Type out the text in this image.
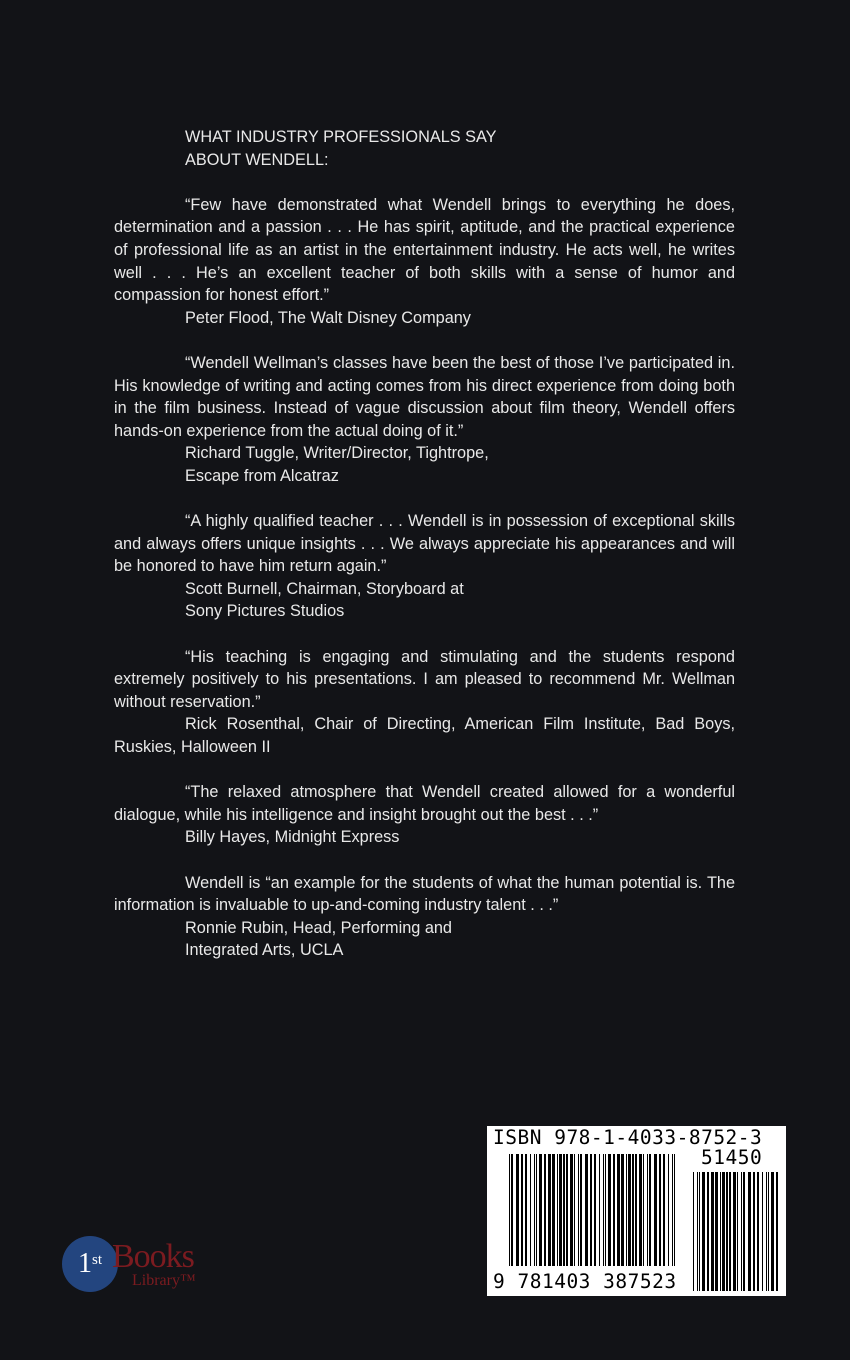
WHAT INDUSTRY PROFESSIONALS SAY
ABOUT WENDELL:

“Few have demonstrated what Wendell brings to everything he does, determination and a passion . . . He has spirit, aptitude, and the practical experience of professional life as an artist in the entertainment industry. He acts well, he writes well . . . He’s an excellent teacher of both skills with a sense of humor and compassion for honest effort.”

Peter Flood, The Walt Disney Company

“Wendell Wellman’s classes have been the best of those I’ve participated in. His knowledge of writing and acting comes from his direct experience from doing both in the film business. Instead of vague discussion about film theory, Wendell offers hands-on experience from the actual doing of it.”

Richard Tuggle, Writer/Director, Tightrope,
Escape from Alcatraz

“A highly qualified teacher . . . Wendell is in possession of exceptional skills and always offers unique insights . . . We always appreciate his appearances and will be honored to have him return again.”

Scott Burnell, Chairman, Storyboard at
Sony Pictures Studios

“His teaching is engaging and stimulating and the students respond extremely positively to his presentations. I am pleased to recommend Mr. Wellman without reservation.”

Rick Rosenthal, Chair of Directing, American Film Institute, Bad Boys, Ruskies, Halloween II

“The relaxed atmosphere that Wendell created allowed for a wonderful dialogue, while his intelligence and insight brought out the best . . .”

Billy Hayes, Midnight Express

Wendell is “an example for the students of what the human potential is. The information is invaluable to up-and-coming industry talent . . .”

Ronnie Rubin, Head, Performing and
Integrated Arts, UCLA
1st Books
Library™
ISBN 978-1-4033-8752-3
51450
9 781403 387523
